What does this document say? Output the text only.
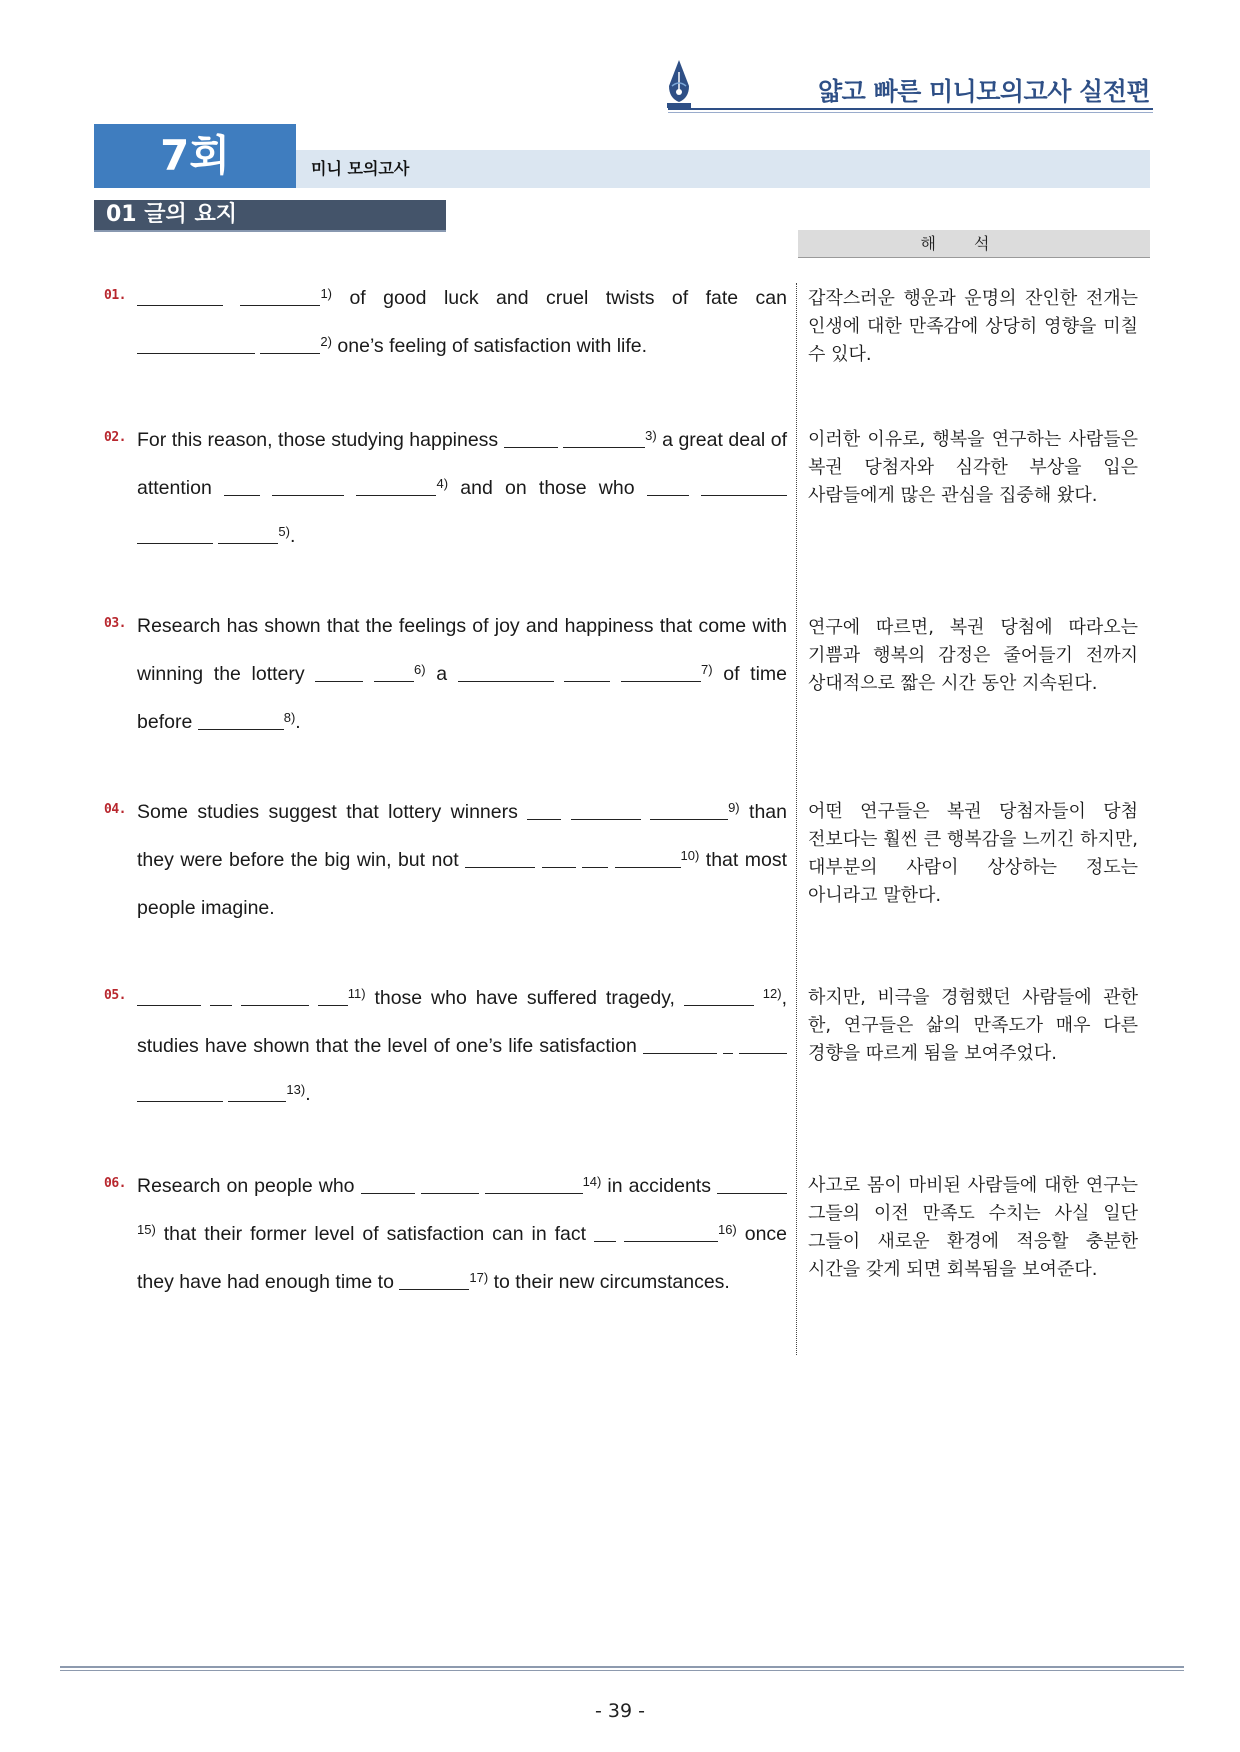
얇고 빠른 미니모의고사 실전편
7회	미니 모의고사
01 글의 요지
해석
01.	$^{1)}$ of good luck and cruel twists of fate can  $^{2)}$ one’s feeling of satisfaction with life.
갑작스러운 행운과 운명의 잔인한 전개는 인생에 대한 만족감에 상당히 영향을 미칠 수 있다.
02. For this reason, those studying happiness	$^{3)}$ a great deal of attention	$^{4)}$ and on those who    $^{5)}$.
이러한 이유로, 행복을 연구하는 사람들은 복권 당첨자와 심각한 부상을 입은 사람들에게 많은 관심을 집중해 왔다.
03. Research has shown that the feelings of joy and happiness that come with winning the lottery	$^{6)}$ a	$^{7)}$ of time before	$^{8)}$.
연구에 따르면, 복권 당첨에 따라오는 기쁨과 행복의 감정은 줄어들기 전까지 상대적으로 짧은 시간 동안 지속된다.
04. Some studies suggest that lottery winners	$^{9)}$ than they were before the big win, but not	$^{10)}$ that most people imagine.
어떤 연구들은 복권 당첨자들이 당첨 전보다는 훨씬 큰 행복감을 느끼긴 하지만, 대부분의 사람이 상상하는 정도는 아니라고 말한다.
05.	$^{11)}$ those who have suffered tragedy,	$^{12)}$, studies have shown that the level of one’s life satisfaction     $^{13)}$.
하지만, 비극을 경험했던 사람들에 관한 한, 연구들은 삶의 만족도가 매우 다른 경향을 따르게 됨을 보여주었다.
06. Research on people who	$^{14)}$ in accidents $^{15)}$ that their former level of satisfaction can in fact	$^{16)}$ once they have had enough time to	$^{17)}$ to their new circumstances.
사고로 몸이 마비된 사람들에 대한 연구는 그들의 이전 만족도 수치는 사실 일단 그들이 새로운 환경에 적응할 충분한 시간을 갖게 되면 회복됨을 보여준다.
- 39 -
